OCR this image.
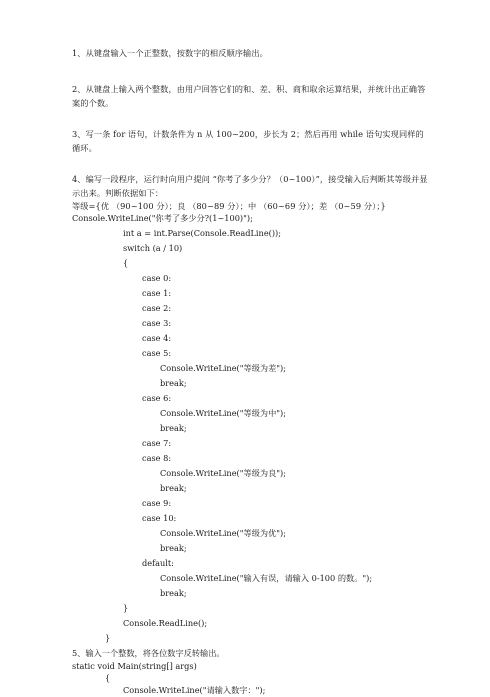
1、从键盘输入一个正整数，按数字的相反顺序输出。
2、从键盘上输入两个整数，由用户回答它们的和、差、积、商和取余运算结果，并统计出正确答案的个数。
3、写一条 for 语句，计数条件为 n 从 100~200，步长为 2；然后再用 while 语句实现同样的循环。
4、编写一段程序，运行时向用户提问 “你考了多少分？（0~100）”，接受输入后判断其等级并显示出来。判断依据如下：
等级={优 （90~100 分）；良 （80~89 分）；中 （60~69 分）；差 （0~59 分）；}
Console.WriteLine("你考了多少分?(1~100)");
int a = int.Parse(Console.ReadLine());
switch (a / 10)
{
case 0:
case 1:
case 2:
case 3:
case 4:
case 5:
Console.WriteLine("等级为差");
break;
case 6:
Console.WriteLine("等级为中");
break;
case 7:
case 8:
Console.WriteLine("等级为良");
break;
case 9:
case 10:
Console.WriteLine("等级为优");
break;
default:
Console.WriteLine("输入有误，请输入 0-100 的数。");
break;
}
Console.ReadLine();
}
5、输入一个整数，将各位数字反转输出。
static void Main(string[] args)
{
Console.WriteLine("请输入数字：");
